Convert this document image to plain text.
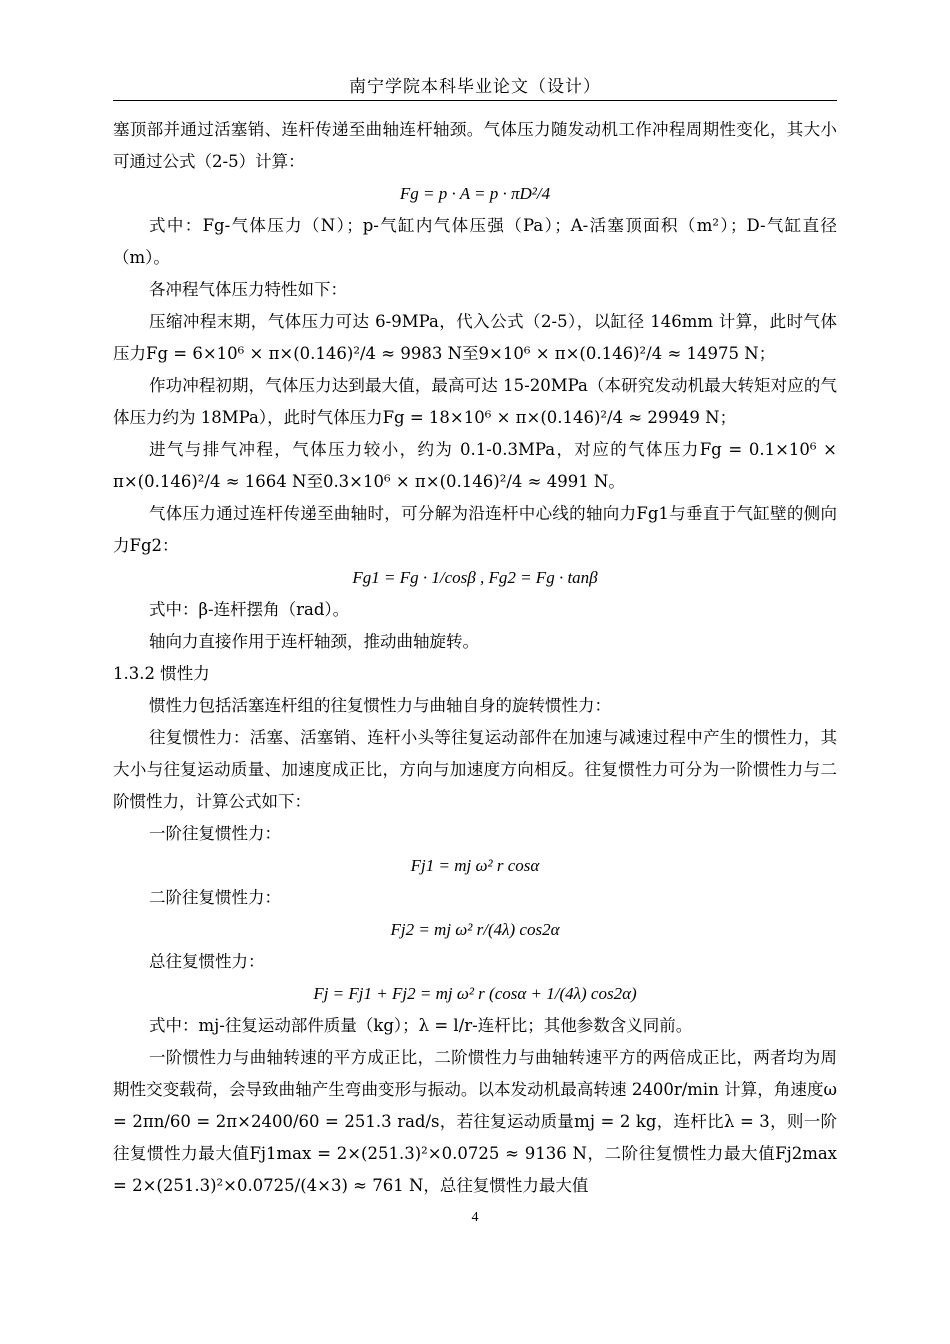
南宁学院本科毕业论文（设计）

塞顶部并通过活塞销、连杆传递至曲轴连杆轴颈。气体压力随发动机工作冲程周期性变化，其大小可通过公式（2-5）计算：

Fg = p · A = p · πD²/4

式中：Fg-气体压力（N）；p-气缸内气体压强（Pa）；A-活塞顶面积（m²）；D-气缸直径（m）。

各冲程气体压力特性如下：

压缩冲程末期，气体压力可达 6-9MPa，代入公式（2-5），以缸径 146mm 计算，此时气体压力Fg = 6×10⁶ × π×(0.146)²/4 ≈ 9983 N至9×10⁶ × π×(0.146)²/4 ≈ 14975 N；

作功冲程初期，气体压力达到最大值，最高可达 15-20MPa（本研究发动机最大转矩对应的气体压力约为 18MPa），此时气体压力Fg = 18×10⁶ × π×(0.146)²/4 ≈ 29949 N；

进气与排气冲程，气体压力较小，约为 0.1-0.3MPa，对应的气体压力Fg = 0.1×10⁶ × π×(0.146)²/4 ≈ 1664 N至0.3×10⁶ × π×(0.146)²/4 ≈ 4991 N。

气体压力通过连杆传递至曲轴时，可分解为沿连杆中心线的轴向力Fg1与垂直于气缸壁的侧向力Fg2：

Fg1 = Fg · 1/cosβ , Fg2 = Fg · tanβ

式中：β-连杆摆角（rad）。

轴向力直接作用于连杆轴颈，推动曲轴旋转。

1.3.2 惯性力

惯性力包括活塞连杆组的往复惯性力与曲轴自身的旋转惯性力：

往复惯性力：活塞、活塞销、连杆小头等往复运动部件在加速与减速过程中产生的惯性力，其大小与往复运动质量、加速度成正比，方向与加速度方向相反。往复惯性力可分为一阶惯性力与二阶惯性力，计算公式如下：

一阶往复惯性力：

Fj1 = mj ω² r cosα

二阶往复惯性力：

Fj2 = mj ω² r/(4λ) cos2α

总往复惯性力：

Fj = Fj1 + Fj2 = mj ω² r (cosα + 1/(4λ) cos2α)

式中：mj-往复运动部件质量（kg）；λ = l/r-连杆比；其他参数含义同前。

一阶惯性力与曲轴转速的平方成正比，二阶惯性力与曲轴转速平方的两倍成正比，两者均为周期性交变载荷，会导致曲轴产生弯曲变形与振动。以本发动机最高转速 2400r/min 计算，角速度ω = 2πn/60 = 2π×2400/60 = 251.3 rad/s，若往复运动质量mj = 2 kg，连杆比λ = 3，则一阶往复惯性力最大值Fj1max = 2×(251.3)²×0.0725 ≈ 9136 N，二阶往复惯性力最大值Fj2max = 2×(251.3)²×0.0725/(4×3) ≈ 761 N，总往复惯性力最大值

4
